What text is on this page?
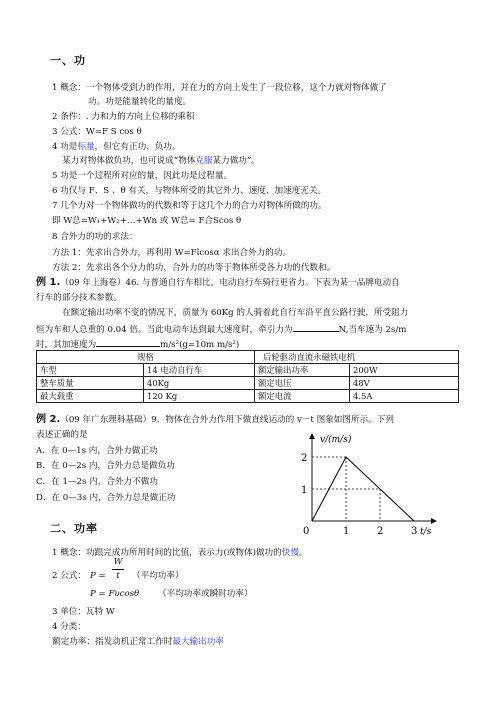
一、功
1 概念：一个物体受到力的作用，并在力的方向上发生了一段位移，这个力就对物体做了
功。功是能量转化的量度。
2 条件：. 力和力的方向上位移的乘积
3 公式：W=F S cos θ
4 功是标量，但它有正功、负功。
某力对物体做负功，也可说成“物体克服某力做功”。
5 功是一个过程所对应的量，因此功是过程量。
6 功仅与 F、S 、θ 有关，与物体所受的其它外力、速度、加速度无关。
7 几个力对一个物体做功的代数和等于这几个力的合力对物体所做的功。
即 W总=W₁+W₂+…+Wn 或 W总= F合Scos θ
8 合外力的功的求法：
方法 1：先求出合外力，再利用 W=Flcosα 求出合外力的功。
方法 2：先求出各个分力的功，合外力的功等于物体所受各力功的代数和。
例 1.（09 年上海卷）46. 与普通自行车相比，电动自行车骑行更省力。下表为某一品牌电动自
行车的部分技术参数。
在额定输出功率不变的情况下，质量为 60Kg 的人骑着此自行车沿平直公路行驶，所受阻力
恒为车和人总重的 0.04 倍。当此电动车达到最大速度时，牵引力为	N,当车速为 2s/m
时，其加速度为	m/s²(g=10m m/s²)
规格		后轮驱动直流永磁铁电机	
车型	14 电动自行车	额定输出功率	200W
整车质量	40Kg	额定电压	48V
最大载重	120 Kg	额定电流	4.5A
例 2.（09 年广东理科基础）9．物体在合外力作用下做直线运动的 v－t 图象如图所示。下列
表述正确的是
A．在 0—1s 内，合外力做正功
B．在 0—2s 内，合外力总是做负功
C．在 1—2s 内，合外力不做功
D．在 0—3s 内，合外力总是做正功
v/(m/s)
t/s
0	1	2	3
1
2
二、功率
1 概念：功跟完成功所用时间的比值，表示力(或物体)做功的快慢。
2 公式： P =
W
t	（平均功率）
P = Fυcosθ （平均功率或瞬时功率）
3 单位：瓦特 W
4 分类：
额定功率：指发动机正常工作时最大输出功率
